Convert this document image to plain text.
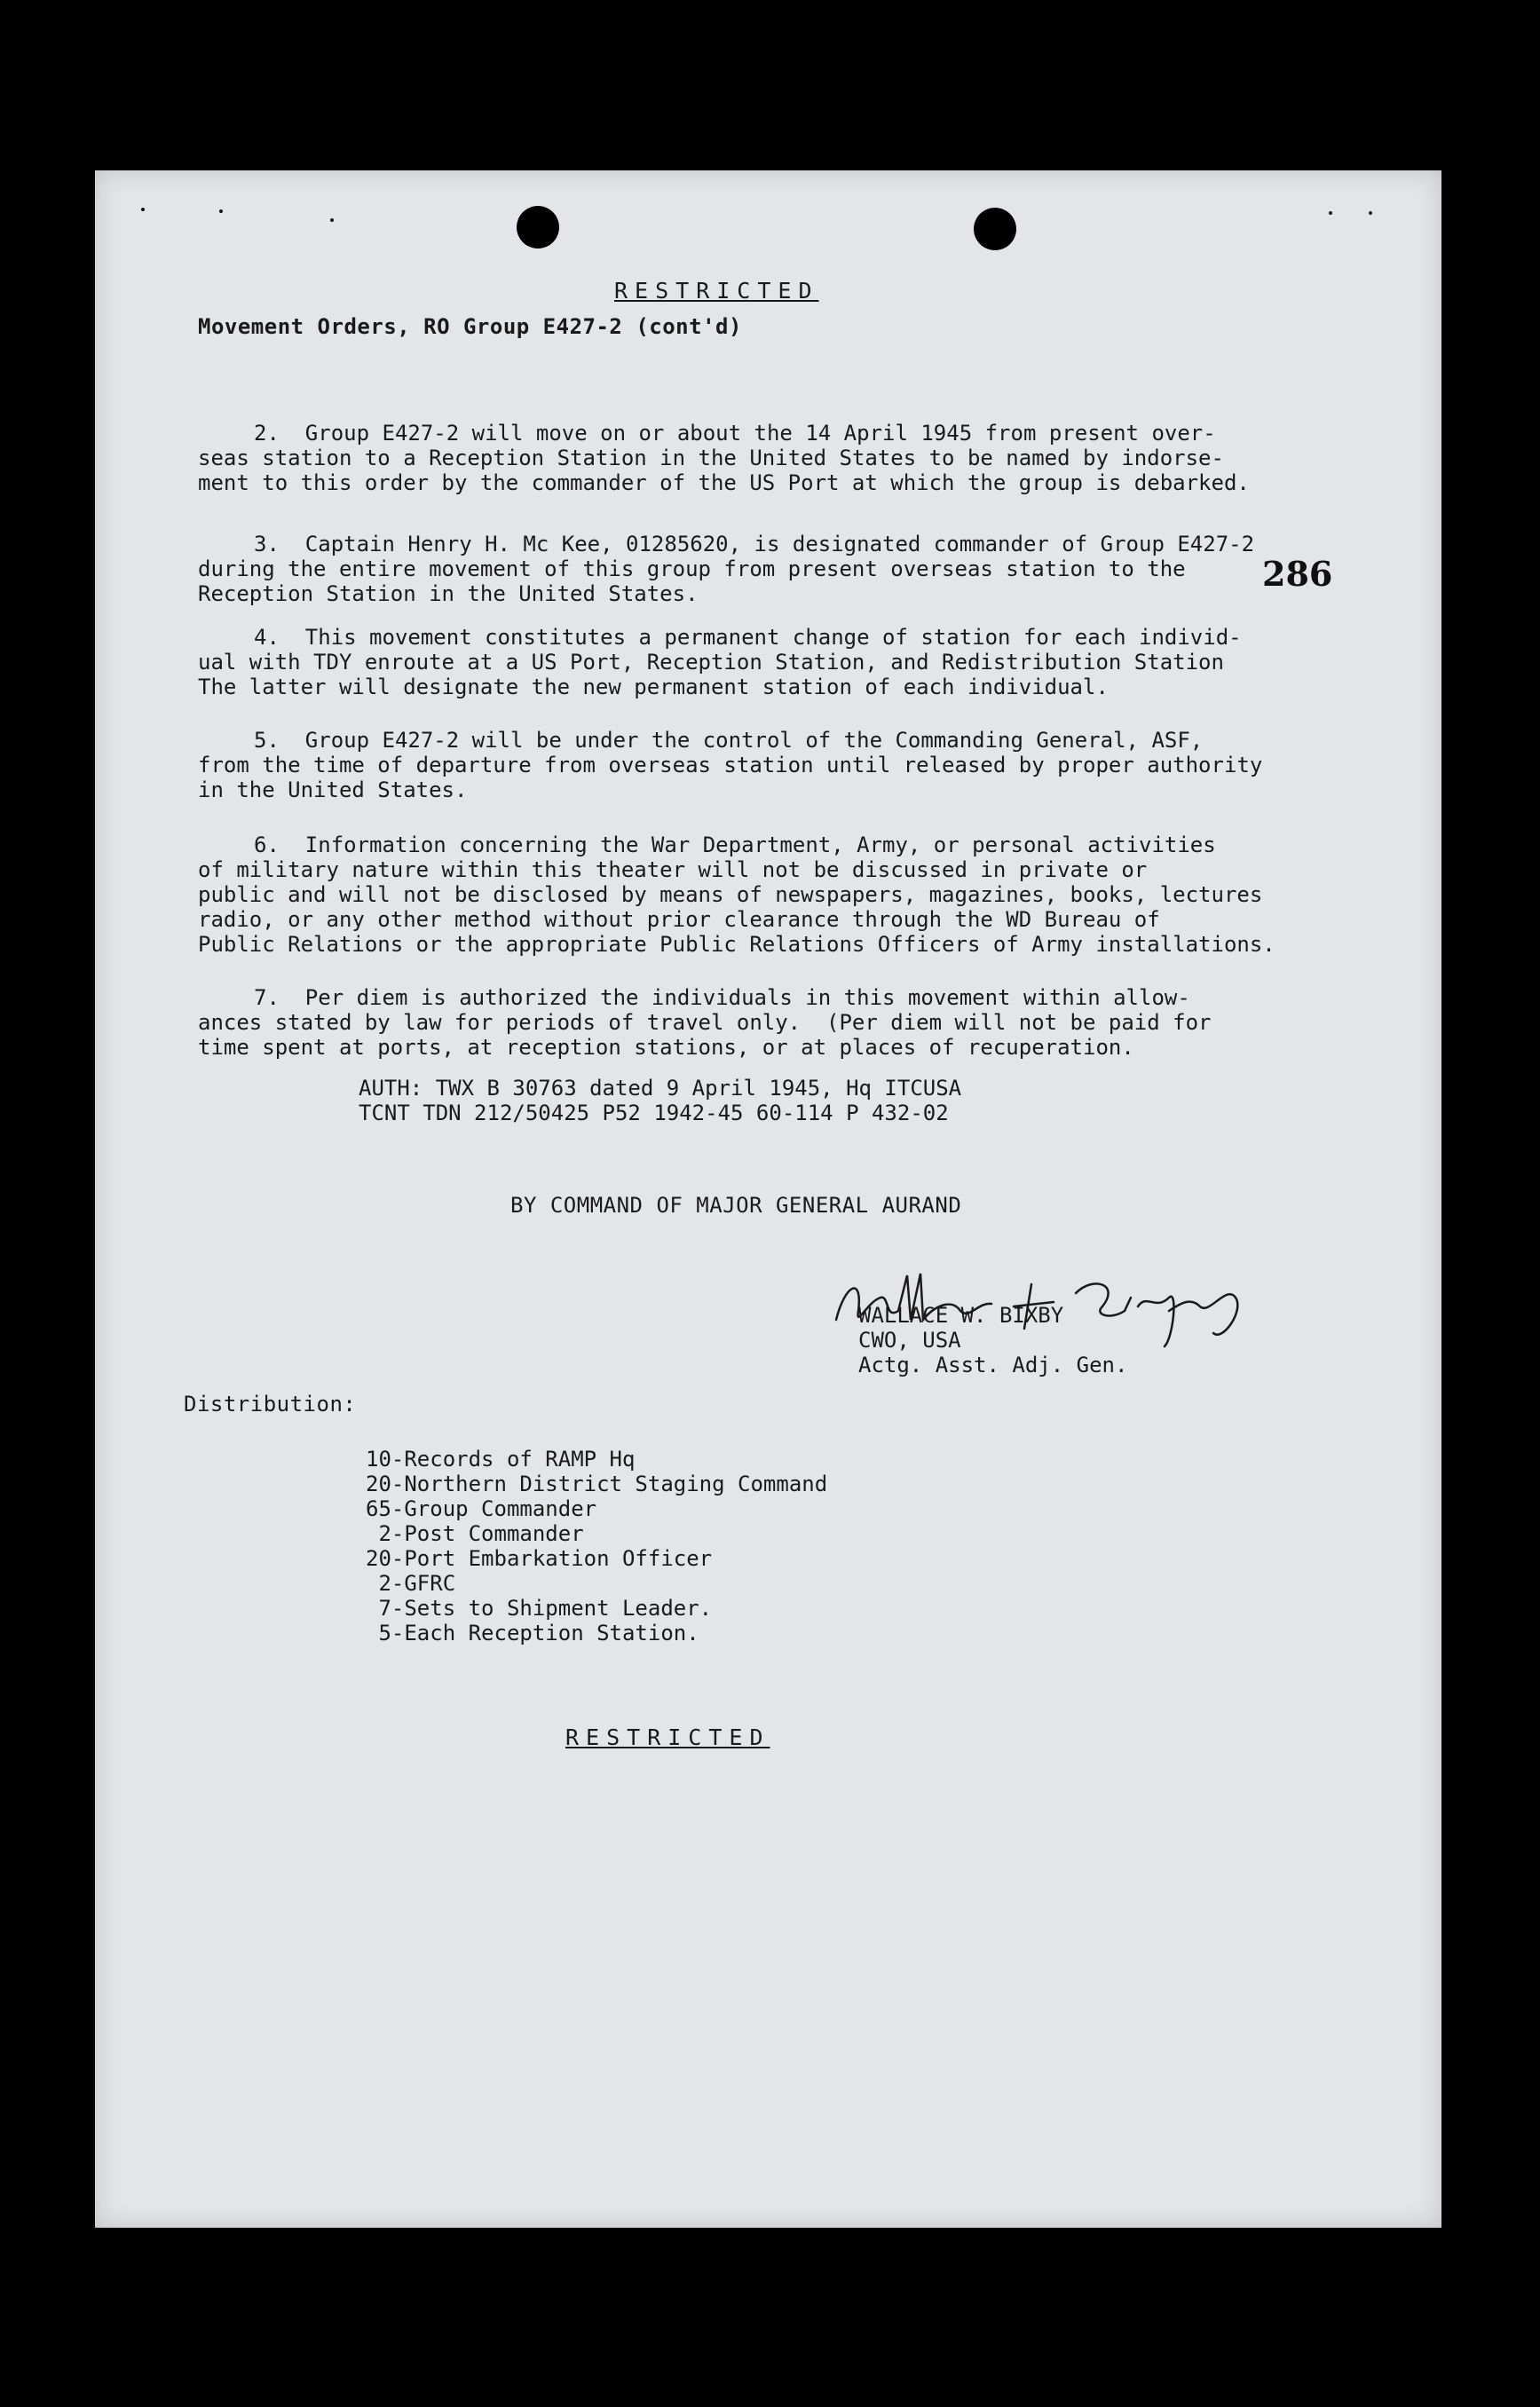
RESTRICTED
Movement Orders, RO Group E427-2 (cont'd)
286
2.  Group E427-2 will move on or about the 14 April 1945 from present over-
seas station to a Reception Station in the United States to be named by indorse-
ment to this order by the commander of the US Port at which the group is debarked.
3.  Captain Henry H. Mc Kee, 01285620, is designated commander of Group E427-2
during the entire movement of this group from present overseas station to the
Reception Station in the United States.
4.  This movement constitutes a permanent change of station for each individ-
ual with TDY enroute at a US Port, Reception Station, and Redistribution Station
The latter will designate the new permanent station of each individual.
5.  Group E427-2 will be under the control of the Commanding General, ASF,
from the time of departure from overseas station until released by proper authority
in the United States.
6.  Information concerning the War Department, Army, or personal activities
of military nature within this theater will not be discussed in private or
public and will not be disclosed by means of newspapers, magazines, books, lectures
radio, or any other method without prior clearance through the WD Bureau of
Public Relations or the appropriate Public Relations Officers of Army installations.
7.  Per diem is authorized the individuals in this movement within allow-
ances stated by law for periods of travel only.  (Per diem will not be paid for
time spent at ports, at reception stations, or at places of recuperation.
AUTH: TWX B 30763 dated 9 April 1945, Hq ITCUSA
TCNT TDN 212/50425 P52 1942-45 60-114 P 432-02
BY COMMAND OF MAJOR GENERAL AURAND
WALLACE W. BIXBY
CWO, USA
Actg. Asst. Adj. Gen.
Distribution:
10-Records of RAMP Hq
20-Northern District Staging Command
65-Group Commander
2-Post Commander
20-Port Embarkation Officer
2-GFRC
7-Sets to Shipment Leader.
5-Each Reception Station.
RESTRICTED
